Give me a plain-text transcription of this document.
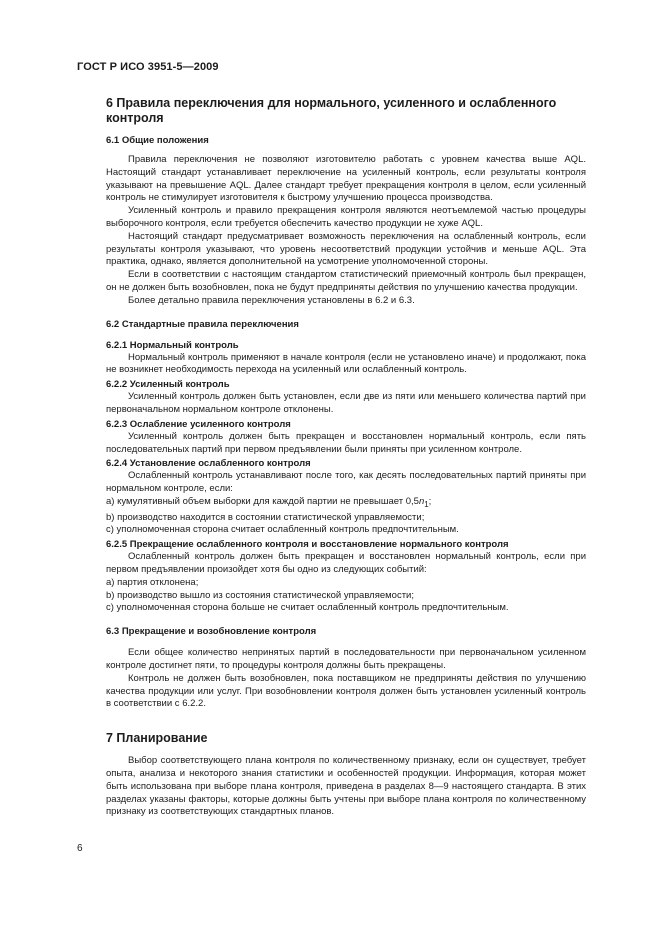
ГОСТ Р ИСО 3951-5—2009
6 Правила переключения для нормального, усиленного и ослабленного контроля
6.1 Общие положения

Правила переключения не позволяют изготовителю работать с уровнем качества выше AQL. Настоящий стандарт устанавливает переключение на усиленный контроль, если результаты контроля указывают на превышение AQL. Далее стандарт требует прекращения контроля в целом, если усиленный контроль не стимулирует изготовителя к быстрому улучшению процесса производства.

Усиленный контроль и правило прекращения контроля являются неотъемлемой частью процедуры выборочного контроля, если требуется обеспечить качество продукции не хуже AQL.

Настоящий стандарт предусматривает возможность переключения на ослабленный контроль, если результаты контроля указывают, что уровень несоответствий продукции устойчив и меньше AQL. Эта практика, однако, является дополнительной на усмотрение уполномоченной стороны.

Если в соответствии с настоящим стандартом статистический приемочный контроль был прекращен, он не должен быть возобновлен, пока не будут предприняты действия по улучшению качества продукции.

Более детально правила переключения установлены в 6.2 и 6.3.

6.2 Стандартные правила переключения
6.2.1 Нормальный контроль

Нормальный контроль применяют в начале контроля (если не установлено иначе) и продолжают, пока не возникнет необходимость перехода на усиленный или ослабленный контроль.

6.2.2 Усиленный контроль

Усиленный контроль должен быть установлен, если две из пяти или меньшего количества партий при первоначальном нормальном контроле отклонены.

6.2.3 Ослабление усиленного контроля

Усиленный контроль должен быть прекращен и восстановлен нормальный контроль, если пять последовательных партий при первом предъявлении были приняты при усиленном контроле.

6.2.4 Установление ослабленного контроля

Ослабленный контроль устанавливают после того, как десять последовательных партий приняты при нормальном контроле, если:

a) кумулятивный объем выборки для каждой партии не превышает $0,5n_1$;

b) производство находится в состоянии статистической управляемости;

c) уполномоченная сторона считает ослабленный контроль предпочтительным.

6.2.5 Прекращение ослабленного контроля и восстановление нормального контроля

Ослабленный контроль должен быть прекращен и восстановлен нормальный контроль, если при первом предъявлении произойдет хотя бы одно из следующих событий:

a) партия отклонена;

b) производство вышло из состояния статистической управляемости;

c) уполномоченная сторона больше не считает ослабленный контроль предпочтительным.

6.3 Прекращение и возобновление контроля

Если общее количество непринятых партий в последовательности при первоначальном усиленном контроле достигнет пяти, то процедуры контроля должны быть прекращены.

Контроль не должен быть возобновлен, пока поставщиком не предприняты действия по улучшению качества продукции или услуг. При возобновлении контроля должен быть установлен усиленный контроль в соответствии с 6.2.2.

7 Планирование

Выбор соответствующего плана контроля по количественному признаку, если он существует, требует опыта, анализа и некоторого знания статистики и особенностей продукции. Информация, которая может быть использована при выборе плана контроля, приведена в разделах 8—9 настоящего стандарта. В этих разделах указаны факторы, которые должны быть учтены при выборе плана контроля по количественному признаку из соответствующих стандартных планов.

6
